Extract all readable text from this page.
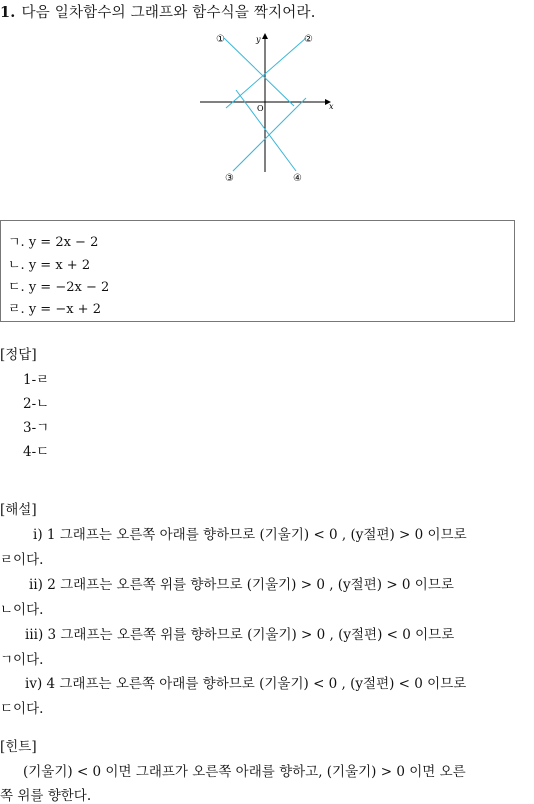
1. 다음 일차함수의 그래프와 함수식을 짝지어라.
x
y
O
①	②
③	④
ㄱ. y = 2x − 2
ㄴ. y = x + 2
ㄷ. y = −2x − 2
ㄹ. y = −x + 2
[정답]
1-ㄹ
2-ㄴ
3-ㄱ
4-ㄷ
[해설]
ⅰ) 1 그래프는 오른쪽 아래를 향하므로 (기울기) < 0 , (y절편) > 0 이므로
ㄹ이다.
ⅱ) 2 그래프는 오른쪽 위를 향하므로 (기울기) > 0 , (y절편) > 0 이므로
ㄴ이다.
ⅲ) 3 그래프는 오른쪽 위를 향하므로 (기울기) > 0 , (y절편) < 0 이므로
ㄱ이다.
ⅳ) 4 그래프는 오른쪽 아래를 향하므로 (기울기) < 0 , (y절편) < 0 이므로
ㄷ이다.
[힌트]
(기울기) < 0 이면 그래프가 오른쪽 아래를 향하고, (기울기) > 0 이면 오른
쪽 위를 향한다.
